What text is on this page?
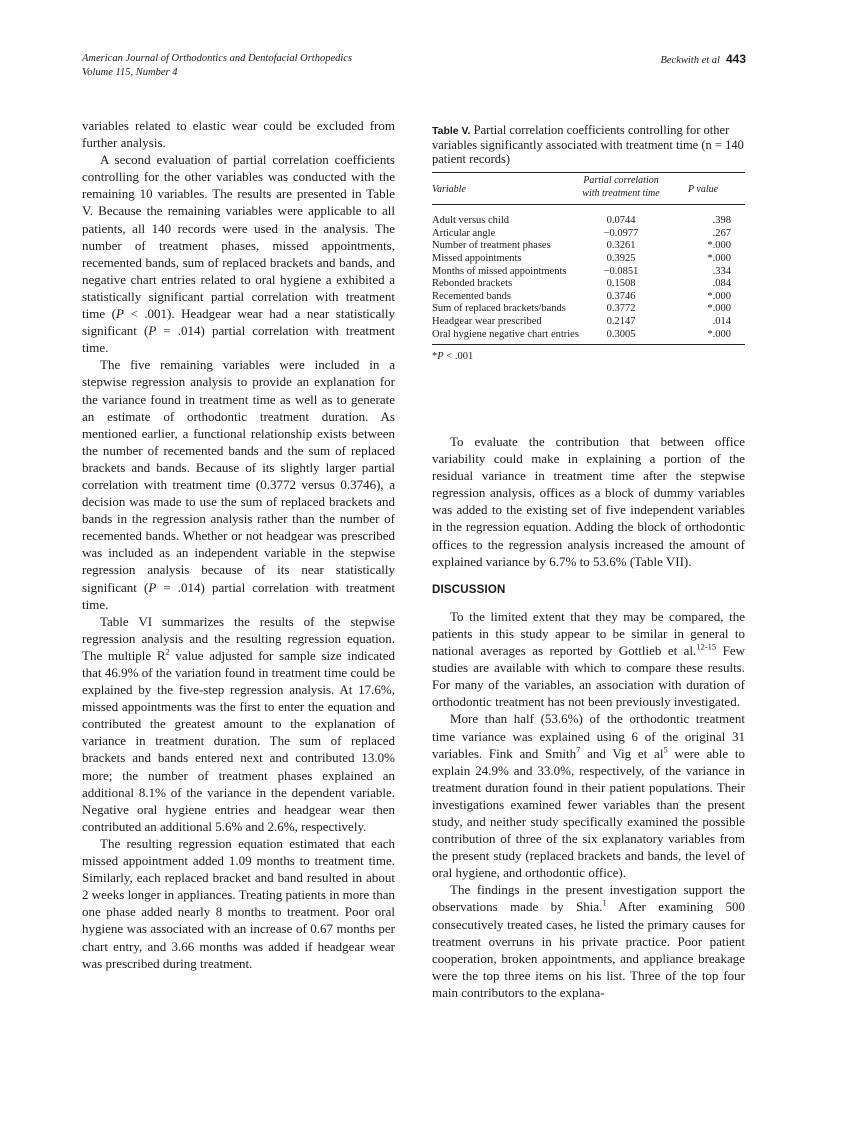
American Journal of Orthodontics and Dentofacial Orthopedics
Volume 115, Number 4
Beckwith et al 443

variables related to elastic wear could be excluded from further analysis.

A second evaluation of partial correlation coefficients controlling for the other variables was conducted with the remaining 10 variables. The results are presented in Table V. Because the remaining variables were applicable to all patients, all 140 records were used in the analysis. The number of treatment phases, missed appointments, recemented bands, sum of replaced brackets and bands, and negative chart entries related to oral hygiene a exhibited a statistically significant partial correlation with treatment time (P < .001). Headgear wear had a near statistically significant (P = .014) partial correlation with treatment time.

The five remaining variables were included in a stepwise regression analysis to provide an explanation for the variance found in treatment time as well as to generate an estimate of orthodontic treatment duration. As mentioned earlier, a functional relationship exists between the number of recemented bands and the sum of replaced brackets and bands. Because of its slightly larger partial correlation with treatment time (0.3772 versus 0.3746), a decision was made to use the sum of replaced brackets and bands in the regression analysis rather than the number of recemented bands. Whether or not headgear was prescribed was included as an independent variable in the stepwise regression analysis because of its near statistically significant (P = .014) partial correlation with treatment time.

Table VI summarizes the results of the stepwise regression analysis and the resulting regression equation. The multiple $R^2$ value adjusted for sample size indicated that 46.9% of the variation found in treatment time could be explained by the five-step regression analysis. At 17.6%, missed appointments was the first to enter the equation and contributed the greatest amount to the explanation of variance in treatment duration. The sum of replaced brackets and bands entered next and contributed 13.0% more; the number of treatment phases explained an additional 8.1% of the variance in the dependent variable. Negative oral hygiene entries and headgear wear then contributed an additional 5.6% and 2.6%, respectively.

The resulting regression equation estimated that each missed appointment added 1.09 months to treatment time. Similarly, each replaced bracket and band resulted in about 2 weeks longer in appliances. Treating patients in more than one phase added nearly 8 months to treatment. Poor oral hygiene was associated with an increase of 0.67 months per chart entry, and 3.66 months was added if headgear wear was prescribed during treatment.

Table V. Partial correlation coefficients controlling for other variables significantly associated with treatment time (n = 140 patient records)

	Partial correlation with treatment time	
Variable		P value
Adult versus child	0.0744	.398
Articular angle	−0.0977	.267
Number of treatment phases	0.3261	*.000
Missed appointments	0.3925	*.000
Months of missed appointments	−0.0851	.334
Rebonded brackets	0.1508	.084
Recemented bands	0.3746	*.000
Sum of replaced brackets/bands	0.3772	*.000
Headgear wear prescribed	0.2147	.014
Oral hygiene negative chart entries	0.3005	*.000
*P < .001

To evaluate the contribution that between office variability could make in explaining a portion of the residual variance in treatment time after the stepwise regression analysis, offices as a block of dummy variables was added to the existing set of five independent variables in the regression equation. Adding the block of orthodontic offices to the regression analysis increased the amount of explained variance by 6.7% to 53.6% (Table VII).

DISCUSSION

To the limited extent that they may be compared, the patients in this study appear to be similar in general to national averages as reported by Gottlieb et al.$^{12-15}$ Few studies are available with which to compare these results. For many of the variables, an association with duration of orthodontic treatment has not been previously investigated.

More than half (53.6%) of the orthodontic treatment time variance was explained using 6 of the original 31 variables. Fink and Smith$^7$ and Vig et $al^5$ were able to explain 24.9% and 33.0%, respectively, of the variance in treatment duration found in their patient populations. Their investigations examined fewer variables than the present study, and neither study specifically examined the possible contribution of three of the six explanatory variables from the present study (replaced brackets and bands, the level of oral hygiene, and orthodontic office).

The findings in the present investigation support the observations made by Shia.$^1$ After examining 500 consecutively treated cases, he listed the primary causes for treatment overruns in his private practice. Poor patient cooperation, broken appointments, and appliance breakage were the top three items on his list. Three of the top four main contributors to the explana-
